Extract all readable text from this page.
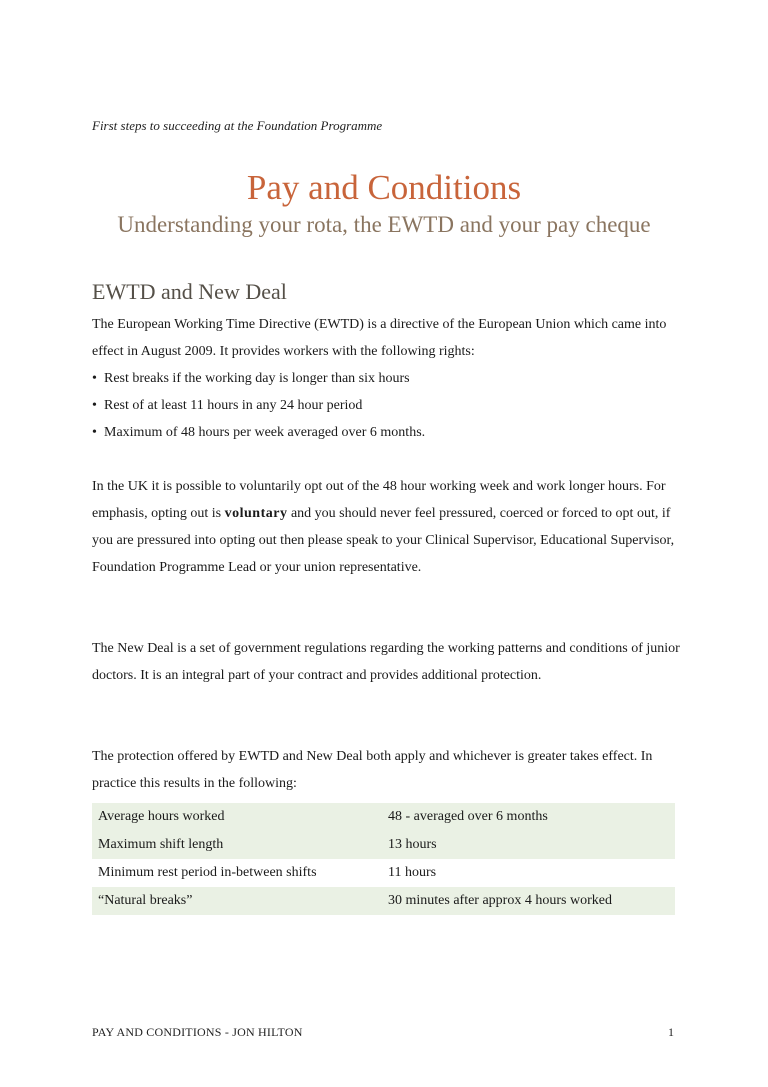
First steps to succeeding at the Foundation Programme
Pay and Conditions
Understanding your rota, the EWTD and your pay cheque
EWTD and New Deal

The European Working Time Directive (EWTD) is a directive of the European Union which came into effect in August 2009. It provides workers with the following rights:

• Rest breaks if the working day is longer than six hours
• Rest of at least 11 hours in any 24 hour period
• Maximum of 48 hours per week averaged over 6 months.

In the UK it is possible to voluntarily opt out of the 48 hour working week and work longer hours. For emphasis, opting out is voluntary and you should never feel pressured, coerced or forced to opt out, if you are pressured into opting out then please speak to your Clinical Supervisor, Educational Supervisor, Foundation Programme Lead or your union representative.

The New Deal is a set of government regulations regarding the working patterns and conditions of junior doctors. It is an integral part of your contract and provides additional protection.

The protection offered by EWTD and New Deal both apply and whichever is greater takes effect. In practice this results in the following:

Average hours worked	48 - averaged over 6 months
Maximum shift length	13 hours
Minimum rest period in-between shifts	11 hours
“Natural breaks”	30 minutes after approx 4 hours worked
PAY AND CONDITIONS - JON HILTON	1
